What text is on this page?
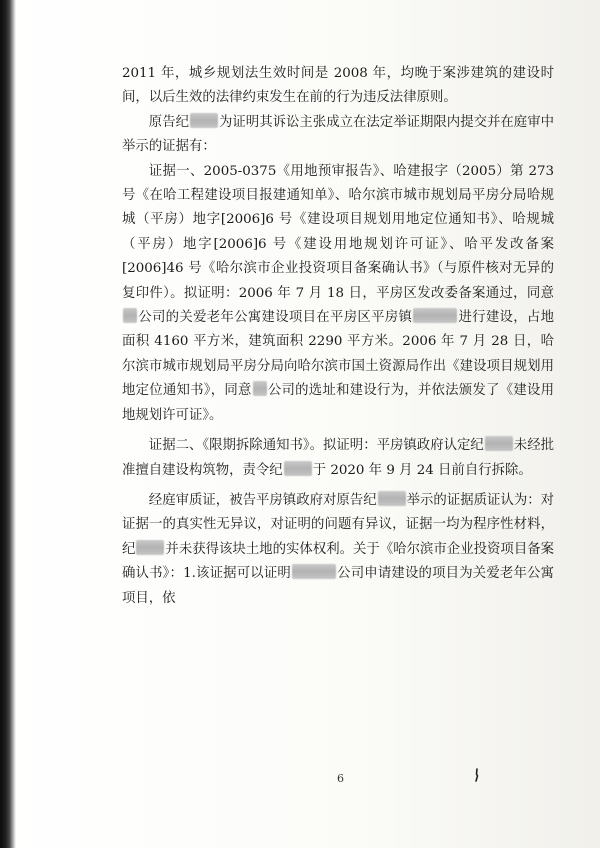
2011 年，城乡规划法生效时间是 2008 年，均晚于案涉建筑的建设时间，以后生效的法律约束发生在前的行为违反法律原则。

原告纪 为证明其诉讼主张成立在法定举证期限内提交并在庭审中举示的证据有：

证据一、2005-0375《用地预审报告》、哈建报字（2005）第 273 号《在哈工程建设项目报建通知单》、哈尔滨市城市规划局平房分局哈规城（平房）地字[2006]6 号《建设项目规划用地定位通知书》、哈规城（平房）地字[2006]6 号《建设用地规划许可证》、哈平发改备案[2006]46 号《哈尔滨市企业投资项目备案确认书》（与原件核对无异的复印件）。拟证明：2006 年 7 月 18 日，平房区发改委备案通过，同意公司的关爱老年公寓建设项目在平房区平房镇	进行建设，占地面积 4160 平方米，建筑面积 2290 平方米。2006 年 7 月 28 日，哈尔滨市城市规划局平房分局向哈尔滨市国土资源局作出《建设项目规划用地定位通知书》，同意 公司的选址和建设行为，并依法颁发了《建设用地规划许可证》。

证据二、《限期拆除通知书》。拟证明：平房镇政府认定纪 未经批准擅自建设构筑物，责令纪 于 2020 年 9 月 24 日前自行拆除。

经庭审质证，被告平房镇政府对原告纪 举示的证据质证认为：对证据一的真实性无异议，对证明的问题有异议，证据一均为程序性材料，纪 并未获得该块土地的实体权利。关于《哈尔滨市企业投资项目备案确认书》：1.该证据可以证明	公司申请建设的项目为关爱老年公寓项目，依

6
